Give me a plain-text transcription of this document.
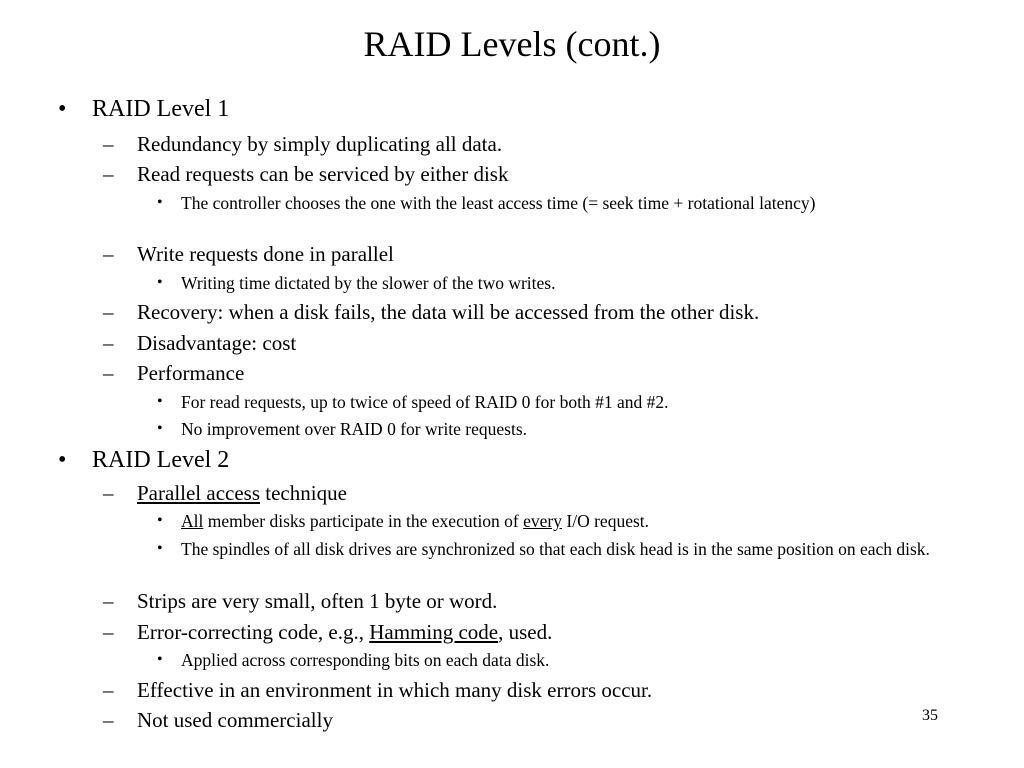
RAID Levels (cont.)
• RAID Level 1
– Redundancy by simply duplicating all data.
– Read requests can be serviced by either disk
• The controller chooses the one with the least access time (= seek time + rotational latency)
– Write requests done in parallel
• Writing time dictated by the slower of the two writes.
– Recovery: when a disk fails, the data will be accessed from the other disk.
– Disadvantage: cost
– Performance
• For read requests, up to twice of speed of RAID 0 for both #1 and #2.
• No improvement over RAID 0 for write requests.
• RAID Level 2
– Parallel access technique
• All member disks participate in the execution of every I/O request.
• The spindles of all disk drives are synchronized so that each disk head is in the same position on each disk.
– Strips are very small, often 1 byte or word.
– Error-correcting code, e.g., Hamming code, used.
• Applied across corresponding bits on each data disk.
– Effective in an environment in which many disk errors occur.
– Not used commercially	35
